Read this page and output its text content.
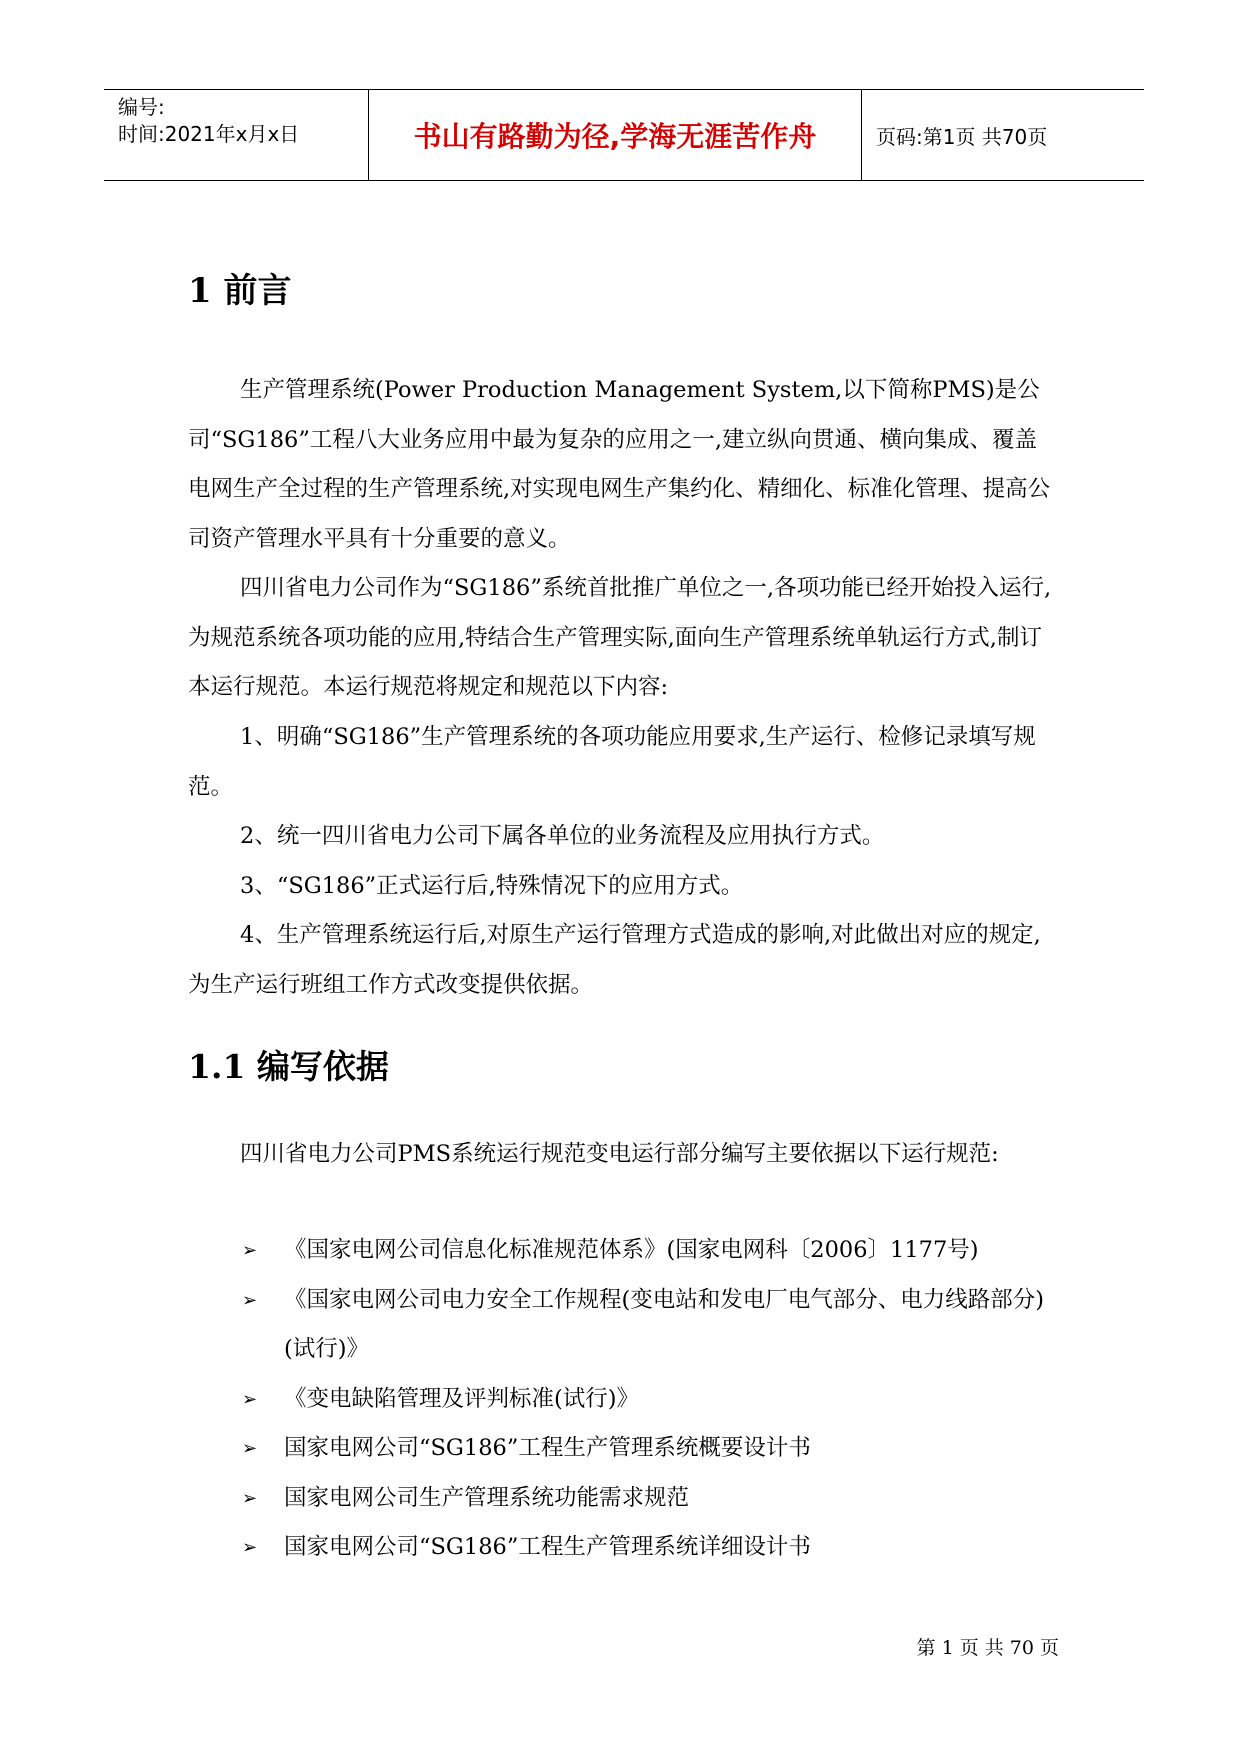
编号:
时间:2021年x月x日	书山有路勤为径,学海无涯苦作舟	页码:第1页 共70页
1 前言

生产管理系统(Power Production Management System,以下简称PMS)是公司“SG186”工程八大业务应用中最为复杂的应用之一,建立纵向贯通、横向集成、覆盖电网生产全过程的生产管理系统,对实现电网生产集约化、精细化、标准化管理、提高公司资产管理水平具有十分重要的意义。

四川省电力公司作为“SG186”系统首批推广单位之一,各项功能已经开始投入运行,为规范系统各项功能的应用,特结合生产管理实际,面向生产管理系统单轨运行方式,制订本运行规范。本运行规范将规定和规范以下内容:

1、明确“SG186”生产管理系统的各项功能应用要求,生产运行、检修记录填写规范。

2、统一四川省电力公司下属各单位的业务流程及应用执行方式。

3、“SG186”正式运行后,特殊情况下的应用方式。

4、生产管理系统运行后,对原生产运行管理方式造成的影响,对此做出对应的规定,为生产运行班组工作方式改变提供依据。

1.1 编写依据

四川省电力公司PMS系统运行规范变电运行部分编写主要依据以下运行规范:

➢ 《国家电网公司信息化标准规范体系》(国家电网科〔2006〕1177号)
➢ 《国家电网公司电力安全工作规程(变电站和发电厂电气部分、电力线路部分)(试行)》
➢ 《变电缺陷管理及评判标准(试行)》
➢ 国家电网公司“SG186”工程生产管理系统概要设计书
➢ 国家电网公司生产管理系统功能需求规范
➢ 国家电网公司“SG186”工程生产管理系统详细设计书
第 1 页 共 70 页
